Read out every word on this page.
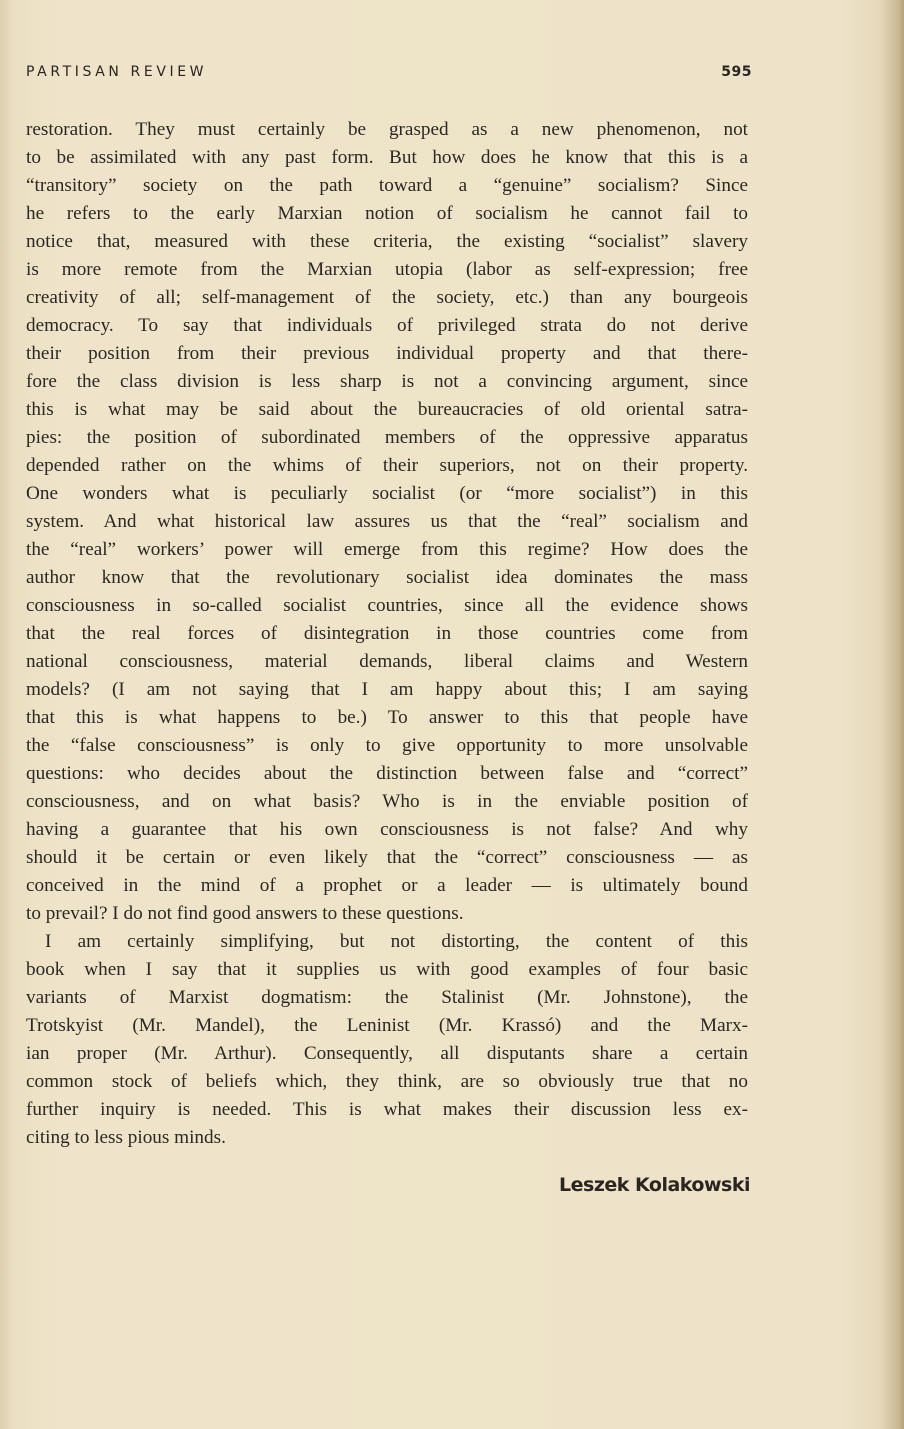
PARTISAN REVIEW	595
restoration. They must certainly be grasped as a new phenomenon, not
to be assimilated with any past form. But how does he know that this is a
“transitory” society on the path toward a “genuine” socialism? Since
he refers to the early Marxian notion of socialism he cannot fail to
notice that, measured with these criteria, the existing “socialist” slavery
is more remote from the Marxian utopia (labor as self-expression; free
creativity of all; self-management of the society, etc.) than any bourgeois
democracy. To say that individuals of privileged strata do not derive
their position from their previous individual property and that there-
fore the class division is less sharp is not a convincing argument, since
this is what may be said about the bureaucracies of old oriental satra-
pies: the position of subordinated members of the oppressive apparatus
depended rather on the whims of their superiors, not on their property.
One wonders what is peculiarly socialist (or “more socialist”) in this
system. And what historical law assures us that the “real” socialism and
the “real” workers’ power will emerge from this regime? How does the
author know that the revolutionary socialist idea dominates the mass
consciousness in so-called socialist countries, since all the evidence shows
that the real forces of disintegration in those countries come from
national consciousness, material demands, liberal claims and Western
models? (I am not saying that I am happy about this; I am saying
that this is what happens to be.) To answer to this that people have
the “false consciousness” is only to give opportunity to more unsolvable
questions: who decides about the distinction between false and “correct”
consciousness, and on what basis? Who is in the enviable position of
having a guarantee that his own consciousness is not false? And why
should it be certain or even likely that the “correct” consciousness — as
conceived in the mind of a prophet or a leader — is ultimately bound
to prevail? I do not find good answers to these questions.
I am certainly simplifying, but not distorting, the content of this
book when I say that it supplies us with good examples of four basic
variants of Marxist dogmatism: the Stalinist (Mr. Johnstone), the
Trotskyist (Mr. Mandel), the Leninist (Mr. Krassó) and the Marx-
ian proper (Mr. Arthur). Consequently, all disputants share a certain
common stock of beliefs which, they think, are so obviously true that no
further inquiry is needed. This is what makes their discussion less ex-
citing to less pious minds.
Leszek Kolakowski
